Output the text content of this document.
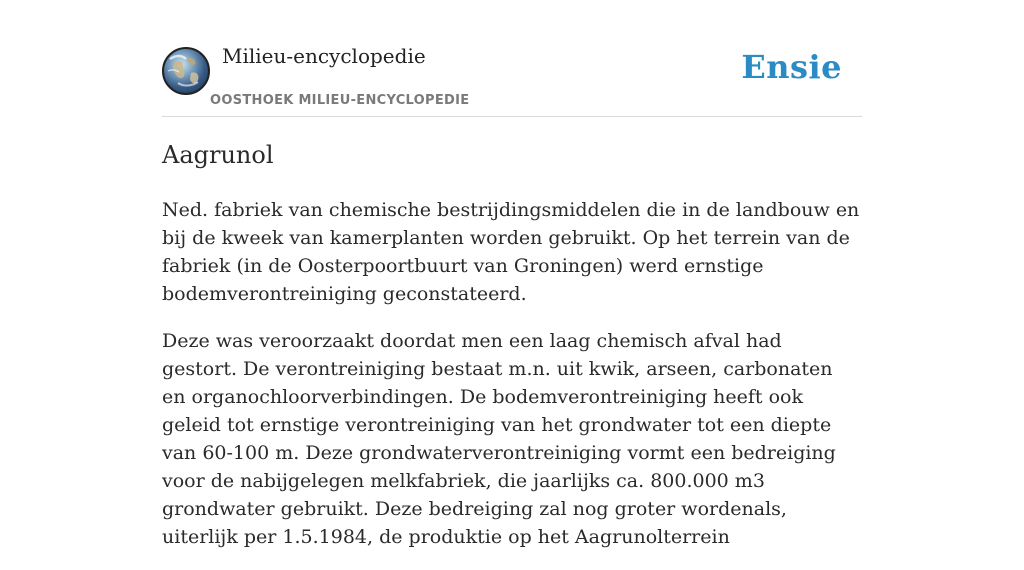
Milieu-encyclopedie
OOSTHOEK MILIEU-ENCYCLOPEDIE
Ensie
Aagrunol

Ned. fabriek van chemische bestrijdingsmiddelen die in de landbouw en bij de kweek van kamerplanten worden gebruikt. Op het terrein van de fabriek (in de Oosterpoortbuurt van Groningen) werd ernstige bodemverontreiniging geconstateerd.

Deze was veroorzaakt doordat men een laag chemisch afval had gestort. De verontreiniging bestaat m.n. uit kwik, arseen, carbonaten en organochloorverbindingen. De bodemverontreiniging heeft ook geleid tot ernstige verontreiniging van het grondwater tot een diepte van 60-100 m. Deze grondwaterverontreiniging vormt een bedreiging voor de nabijgelegen melkfabriek, die jaarlijks ca. 800.000 m3 grondwater gebruikt. Deze bedreiging zal nog groter wordenals, uiterlijk per 1.5.1984, de produktie op het Aagrunolterrein
